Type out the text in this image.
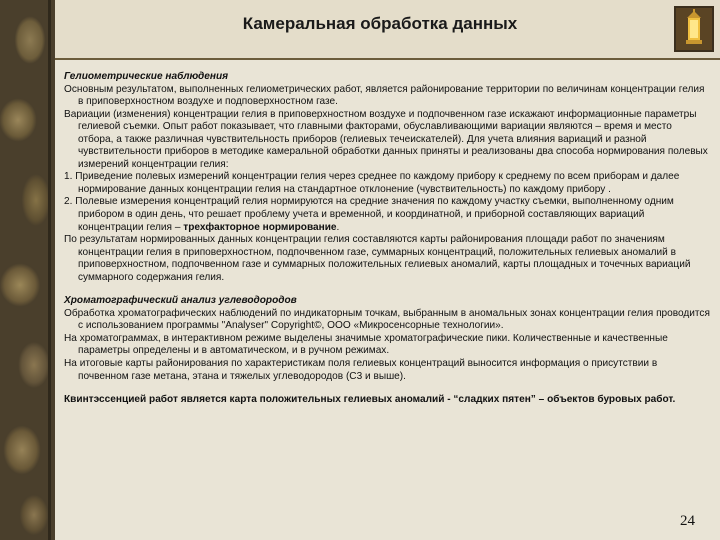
Камеральная обработка данных

Гелиометрические наблюдения

Основным результатом, выполненных гелиометрических работ, является районирование территории по величинам концентрации гелия в приповерхностном воздухе и подповерхностном газе.

Вариации (изменения) концентрации гелия в приповерхностном воздухе и подпочвенном газе искажают информационные параметры гелиевой съемки. Опыт работ показывает, что главными факторами, обуславливающими вариации являются – время и место отбора, а также различная чувствительность приборов (гелиевых течеискателей). Для учета влияния вариаций и разной чувствительности приборов в методике камеральной обработки данных приняты и реализованы два способа нормирования полевых измерений концентрации гелия:

1. Приведение полевых измерений концентрации гелия через среднее по каждому прибору к среднему по всем приборам и далее нормирование данных концентрации гелия на стандартное отклонение (чувствительность) по каждому прибору .

2. Полевые измерения концентраций гелия нормируются на средние значения по каждому участку съемки, выполненному одним прибором в один день, что решает проблему учета и временной, и координатной, и приборной составляющих вариаций концентрации гелия – трехфакторное нормирование.

По результатам нормированных данных концентрации гелия составляются карты районирования площади работ по значениям концентрации гелия в приповерхностном, подпочвенном газе, суммарных концентраций, положительных гелиевых аномалий в приповерхностном, подпочвенном газе и суммарных положительных гелиевых аномалий, карты площадных и точечных вариаций суммарного содержания гелия.

Хроматографический анализ углеводородов

Обработка хроматографических наблюдений по индикаторным точкам, выбранным в аномальных зонах концентрации гелия проводится с использованием программы "Analyser" Copyright©, ООО «Микросенсорные технологии».

На хроматограммах, в интерактивном режиме выделены значимые хроматографические пики. Количественные и качественные параметры определены и в автоматическом, и в ручном режимах.

На итоговые карты районирования по характеристикам поля гелиевых концентраций выносится информация о присутствии в почвенном газе метана, этана и тяжелых углеводородов (С3 и выше).

Квинтэссенцией работ является карта положительных гелиевых аномалий - “сладких пятен” – объектов буровых работ.

24
